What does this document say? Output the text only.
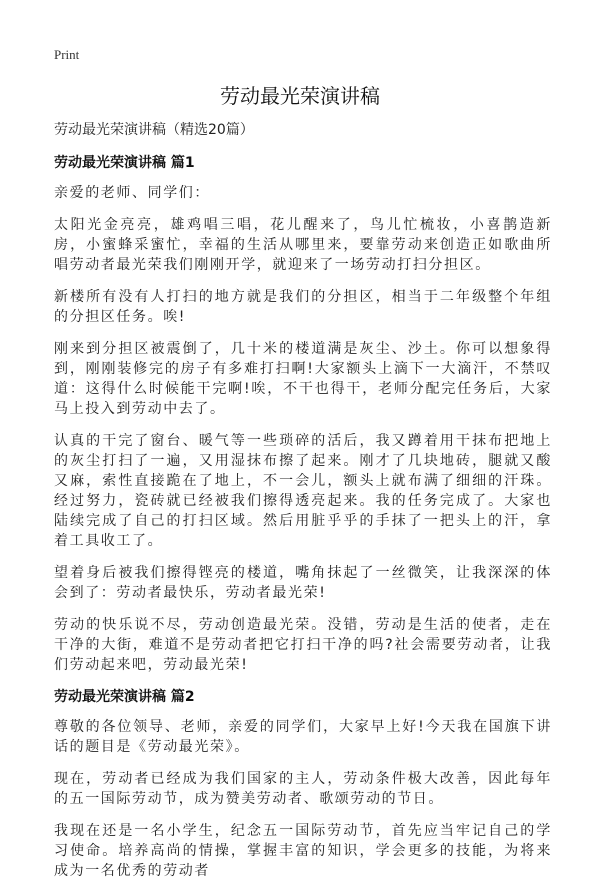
Print
劳动最光荣演讲稿
劳动最光荣演讲稿（精选20篇）
劳动最光荣演讲稿 篇1

亲爱的老师、同学们：

太阳光金亮亮，雄鸡唱三唱，花儿醒来了，鸟儿忙梳妆，小喜鹊造新房，小蜜蜂采蜜忙，幸福的生活从哪里来，要靠劳动来创造正如歌曲所唱劳动者最光荣我们刚刚开学，就迎来了一场劳动打扫分担区。

新楼所有没有人打扫的地方就是我们的分担区，相当于二年级整个年组的分担区任务。唉!

刚来到分担区被震倒了，几十米的楼道满是灰尘、沙土。你可以想象得到，刚刚装修完的房子有多难打扫啊!大家额头上滴下一大滴汗，不禁叹道：这得什么时候能干完啊!唉，不干也得干，老师分配完任务后，大家马上投入到劳动中去了。

认真的干完了窗台、暖气等一些琐碎的活后，我又蹲着用干抹布把地上的灰尘打扫了一遍，又用湿抹布擦了起来。刚才了几块地砖，腿就又酸又麻，索性直接跪在了地上，不一会儿，额头上就布满了细细的汗珠。经过努力，瓷砖就已经被我们擦得透亮起来。我的任务完成了。大家也陆续完成了自己的打扫区域。然后用脏乎乎的手抹了一把头上的汗，拿着工具收工了。

望着身后被我们擦得铿亮的楼道，嘴角抹起了一丝微笑，让我深深的体会到了：劳动者最快乐，劳动者最光荣!

劳动的快乐说不尽，劳动创造最光荣。没错，劳动是生活的使者，走在干净的大街，难道不是劳动者把它打扫干净的吗?社会需要劳动者，让我们劳动起来吧，劳动最光荣!

劳动最光荣演讲稿 篇2

尊敬的各位领导、老师，亲爱的同学们，大家早上好!今天我在国旗下讲话的题目是《劳动最光荣》。

现在，劳动者已经成为我们国家的主人，劳动条件极大改善，因此每年的五一国际劳动节，成为赞美劳动者、歌颂劳动的节日。

我现在还是一名小学生，纪念五一国际劳动节，首先应当牢记自己的学习使命。培养高尚的情操，掌握丰富的知识，学会更多的技能，为将来成为一名优秀的劳动者
